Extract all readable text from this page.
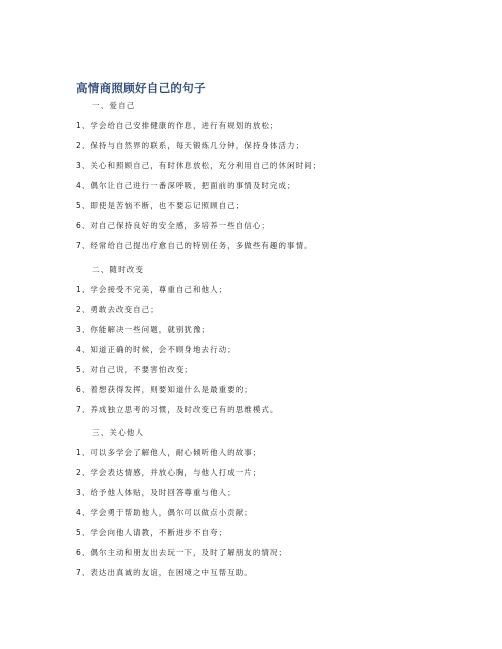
高情商照顾好自己的句子
一、爱自己
1、学会给自己安排健康的作息，进行有规划的放松；
2、保持与自然界的联系，每天锻炼几分钟，保持身体活力；
3、关心和照顾自己，有时休息放松，充分利用自己的休闲时间；
4、偶尔让自己进行一番深呼吸，把面前的事情及时完成；
5、即使是苦恼不断，也不要忘记照顾自己；
6、对自己保持良好的安全感，多培养一些自信心；
7、经常给自己提出疗愈自己的特别任务，多做些有趣的事情。
二、随时改变
1、学会接受不完美，尊重自己和他人；
2、勇敢去改变自己；
3、你能解决一些问题，就别犹豫；
4、知道正确的时候，会不顾身地去行动；
5、对自己说，不要害怕改变；
6、着想获得发挥，则要知道什么是最重要的；
7、养成独立思考的习惯，及时改变已有的思维模式。
三、关心他人
1、可以多学会了解他人，耐心倾听他人的故事；
2、学会表达情感，并放心胸，与他人打成一片；
3、给予他人体贴，及时回答尊重与他人；
4、学会勇于帮助他人，偶尔可以做点小贡献；
5、学会向他人请教，不断进步不自夸；
6、偶尔主动和朋友出去玩一下，及时了解朋友的情况；
7、表达出真诚的友谊，在困境之中互帮互助。
